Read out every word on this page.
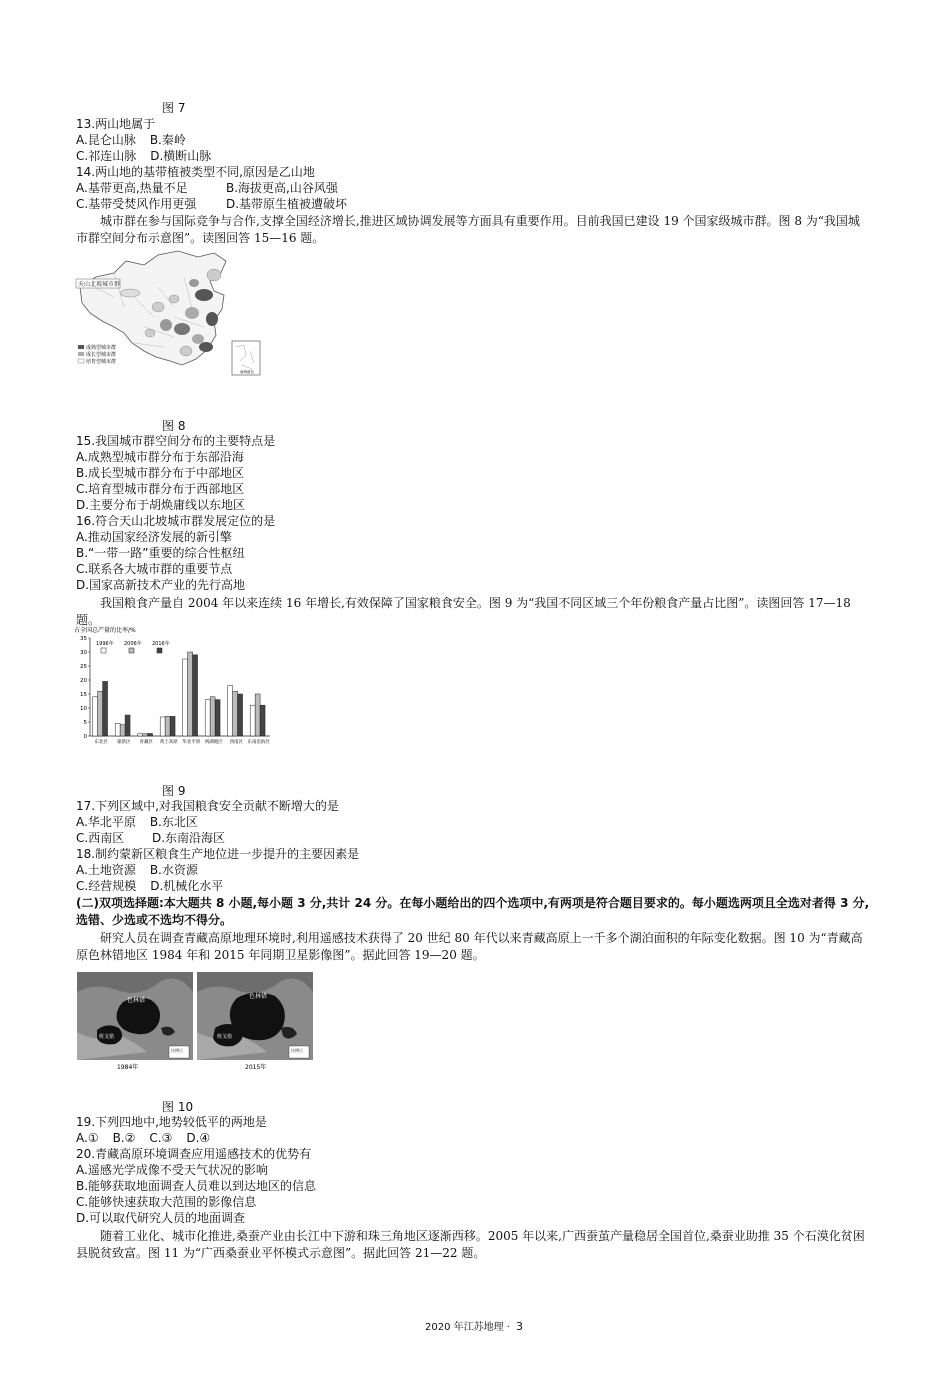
图 7
13.两山地属于
A.昆仑山脉 B.秦岭
C.祁连山脉 D.横断山脉
14.两山地的基带植被类型不同,原因是乙山地
A.基带更高,热量不足	B.海拔更高,山谷风强
C.基带受焚风作用更强 D.基带原生植被遭破坏
城市群在参与国际竞争与合作,支撑全国经济增长,推进区域协调发展等方面具有重要作用。目前我国已建设 19 个国家级城市群。图 8 为“我国城市群空间分布示意图”。读图回答 15—16 题。
天山北坡城市群
成熟型城市群
成长型城市群
培育型城市群
南海诸岛
图 8
15.我国城市群空间分布的主要特点是
A.成熟型城市群分布于东部沿海
B.成长型城市群分布于中部地区
C.培育型城市群分布于西部地区
D.主要分布于胡焕庸线以东地区
16.符合天山北坡城市群发展定位的是
A.推动国家经济发展的新引擎
B.“一带一路”重要的综合性枢纽
C.联系各大城市群的重要节点
D.国家高新技术产业的先行高地
我国粮食产量自 2004 年以来连续 16 年增长,有效保障了国家粮食安全。图 9 为“我国不同区域三个年份粮食产量占比图”。读图回答 17—18 题。
占全国总产量的比率/%
0
5
10
15
20
25
30
35
东北区 蒙新区 青藏区 黄土高原 华北平原 两湖地区 西南区 东南沿海区
1996年 2006年 2016年
图 9
17.下列区域中,对我国粮食安全贡献不断增大的是
A.华北平原 B.东北区
C.西南区 D.东南沿海区
18.制约蒙新区粮食生产地位进一步提升的主要因素是
A.土地资源 B.水资源
C.经营规模 D.机械化水平
(二)双项选择题:本大题共 8 小题,每小题 3 分,共计 24 分。在每小题给出的四个选项中,有两项是符合题目要求的。每小题选两项且全选对者得 3 分,选错、少选或不选均不得分。
研究人员在调查青藏高原地理环境时,利用遥感技术获得了 20 世纪 80 年代以来青藏高原上一千多个湖泊面积的年际变化数据。图 10 为“青藏高原色林错地区 1984 年和 2015 年同期卫星影像图”。据此回答 19—20 题。
色林错
班戈错
比例尺
1984年
色林错
班戈错
比例尺
2015年
图 10
19.下列四地中,地势较低平的两地是
A.① B.② C.③ D.④
20.青藏高原环境调查应用遥感技术的优势有
A.遥感光学成像不受天气状况的影响
B.能够获取地面调查人员难以到达地区的信息
C.能够快速获取大范围的影像信息
D.可以取代研究人员的地面调查
随着工业化、城市化推进,桑蚕产业由长江中下游和珠三角地区逐渐西移。2005 年以来,广西蚕茧产量稳居全国首位,桑蚕业助推 35 个石漠化贫困县脱贫致富。图 11 为“广西桑蚕业平怀模式示意图”。据此回答 21—22 题。
2020 年江苏地理 · 3
